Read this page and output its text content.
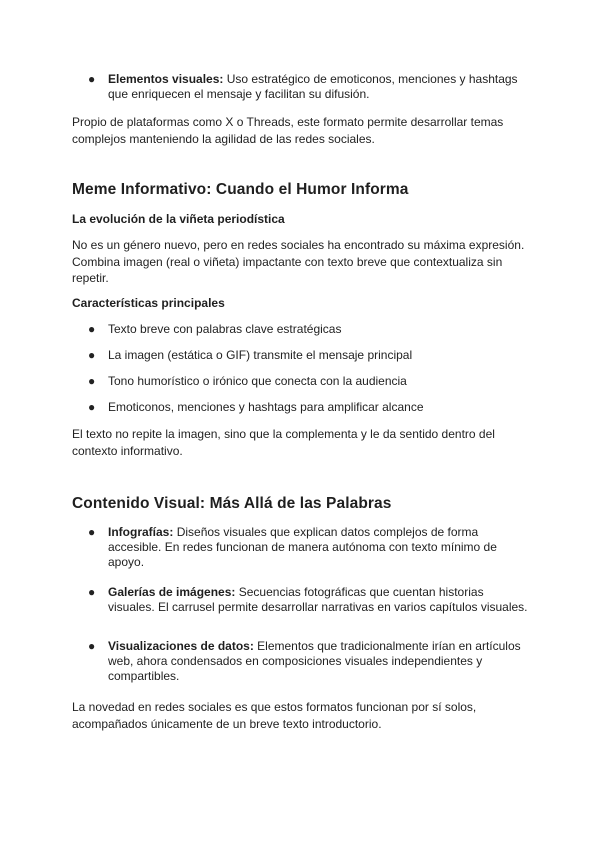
● Elementos visuales: Uso estratégico de emoticonos, menciones y hashtags que enriquecen el mensaje y facilitan su difusión.

Propio de plataformas como X o Threads, este formato permite desarrollar temas complejos manteniendo la agilidad de las redes sociales.

Meme Informativo: Cuando el Humor Informa
La evolución de la viñeta periodística

No es un género nuevo, pero en redes sociales ha encontrado su máxima expresión. Combina imagen (real o viñeta) impactante con texto breve que contextualiza sin repetir.

Características principales
● Texto breve con palabras clave estratégicas
● La imagen (estática o GIF) transmite el mensaje principal
● Tono humorístico o irónico que conecta con la audiencia
● Emoticonos, menciones y hashtags para amplificar alcance

El texto no repite la imagen, sino que la complementa y le da sentido dentro del contexto informativo.

Contenido Visual: Más Allá de las Palabras
● Infografías: Diseños visuales que explican datos complejos de forma accesible. En redes funcionan de manera autónoma con texto mínimo de apoyo.
● Galerías de imágenes: Secuencias fotográficas que cuentan historias visuales. El carrusel permite desarrollar narrativas en varios capítulos visuales.
● Visualizaciones de datos: Elementos que tradicionalmente irían en artículos web, ahora condensados en composiciones visuales independientes y compartibles.

La novedad en redes sociales es que estos formatos funcionan por sí solos, acompañados únicamente de un breve texto introductorio.
